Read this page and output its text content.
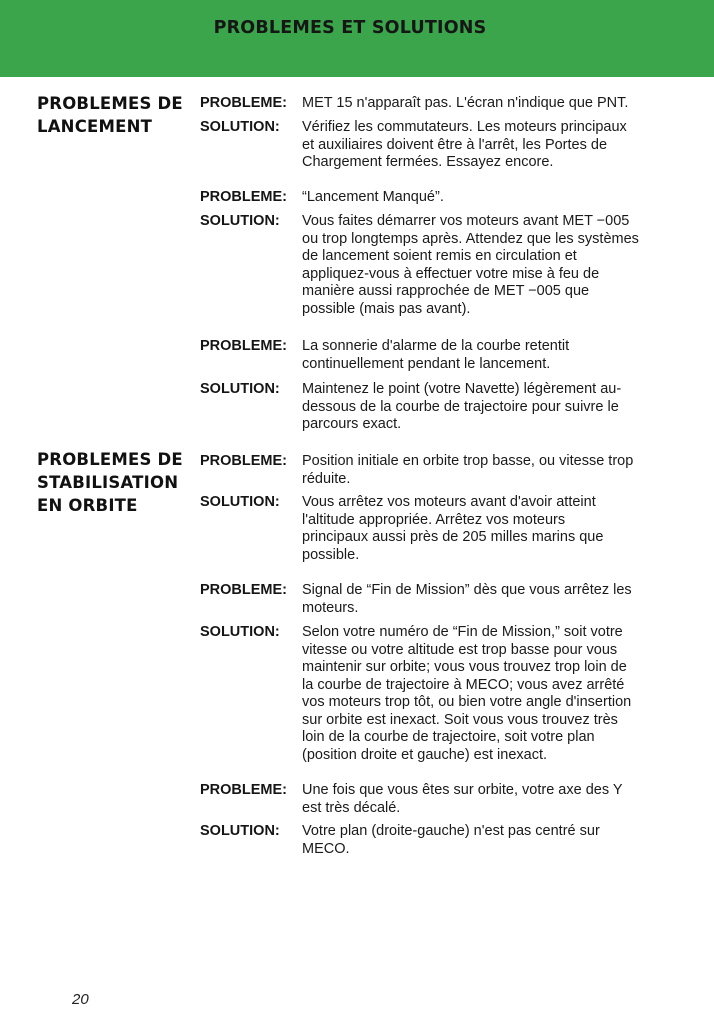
PROBLEMES ET SOLUTIONS
PROBLEMES DE
LANCEMENT
PROBLEME: MET 15 n'apparaît pas. L'écran n'indique que PNT.
SOLUTION: Vérifiez les commutateurs. Les moteurs principaux
et auxiliaires doivent être à l'arrêt, les Portes de
Chargement fermées. Essayez encore.
PROBLEME: “Lancement Manqué”.
SOLUTION: Vous faites démarrer vos moteurs avant MET −005
ou trop longtemps après. Attendez que les systèmes
de lancement soient remis en circulation et
appliquez-vous à effectuer votre mise à feu de
manière aussi rapprochée de MET −005 que
possible (mais pas avant).
PROBLEME: La sonnerie d'alarme de la courbe retentit
continuellement pendant le lancement.
SOLUTION: Maintenez le point (votre Navette) légèrement au-
dessous de la courbe de trajectoire pour suivre le
parcours exact.
PROBLEMES DE
STABILISATION
EN ORBITE
PROBLEME: Position initiale en orbite trop basse, ou vitesse trop
réduite.
SOLUTION: Vous arrêtez vos moteurs avant d'avoir atteint
l'altitude appropriée. Arrêtez vos moteurs
principaux aussi près de 205 milles marins que
possible.
PROBLEME: Signal de “Fin de Mission” dès que vous arrêtez les
moteurs.
SOLUTION: Selon votre numéro de “Fin de Mission,” soit votre
vitesse ou votre altitude est trop basse pour vous
maintenir sur orbite; vous vous trouvez trop loin de
la courbe de trajectoire à MECO; vous avez arrêté
vos moteurs trop tôt, ou bien votre angle d'insertion
sur orbite est inexact. Soit vous vous trouvez très
loin de la courbe de trajectoire, soit votre plan
(position droite et gauche) est inexact.
PROBLEME: Une fois que vous êtes sur orbite, votre axe des Y
est très décalé.
SOLUTION: Votre plan (droite-gauche) n'est pas centré sur
MECO.
20
